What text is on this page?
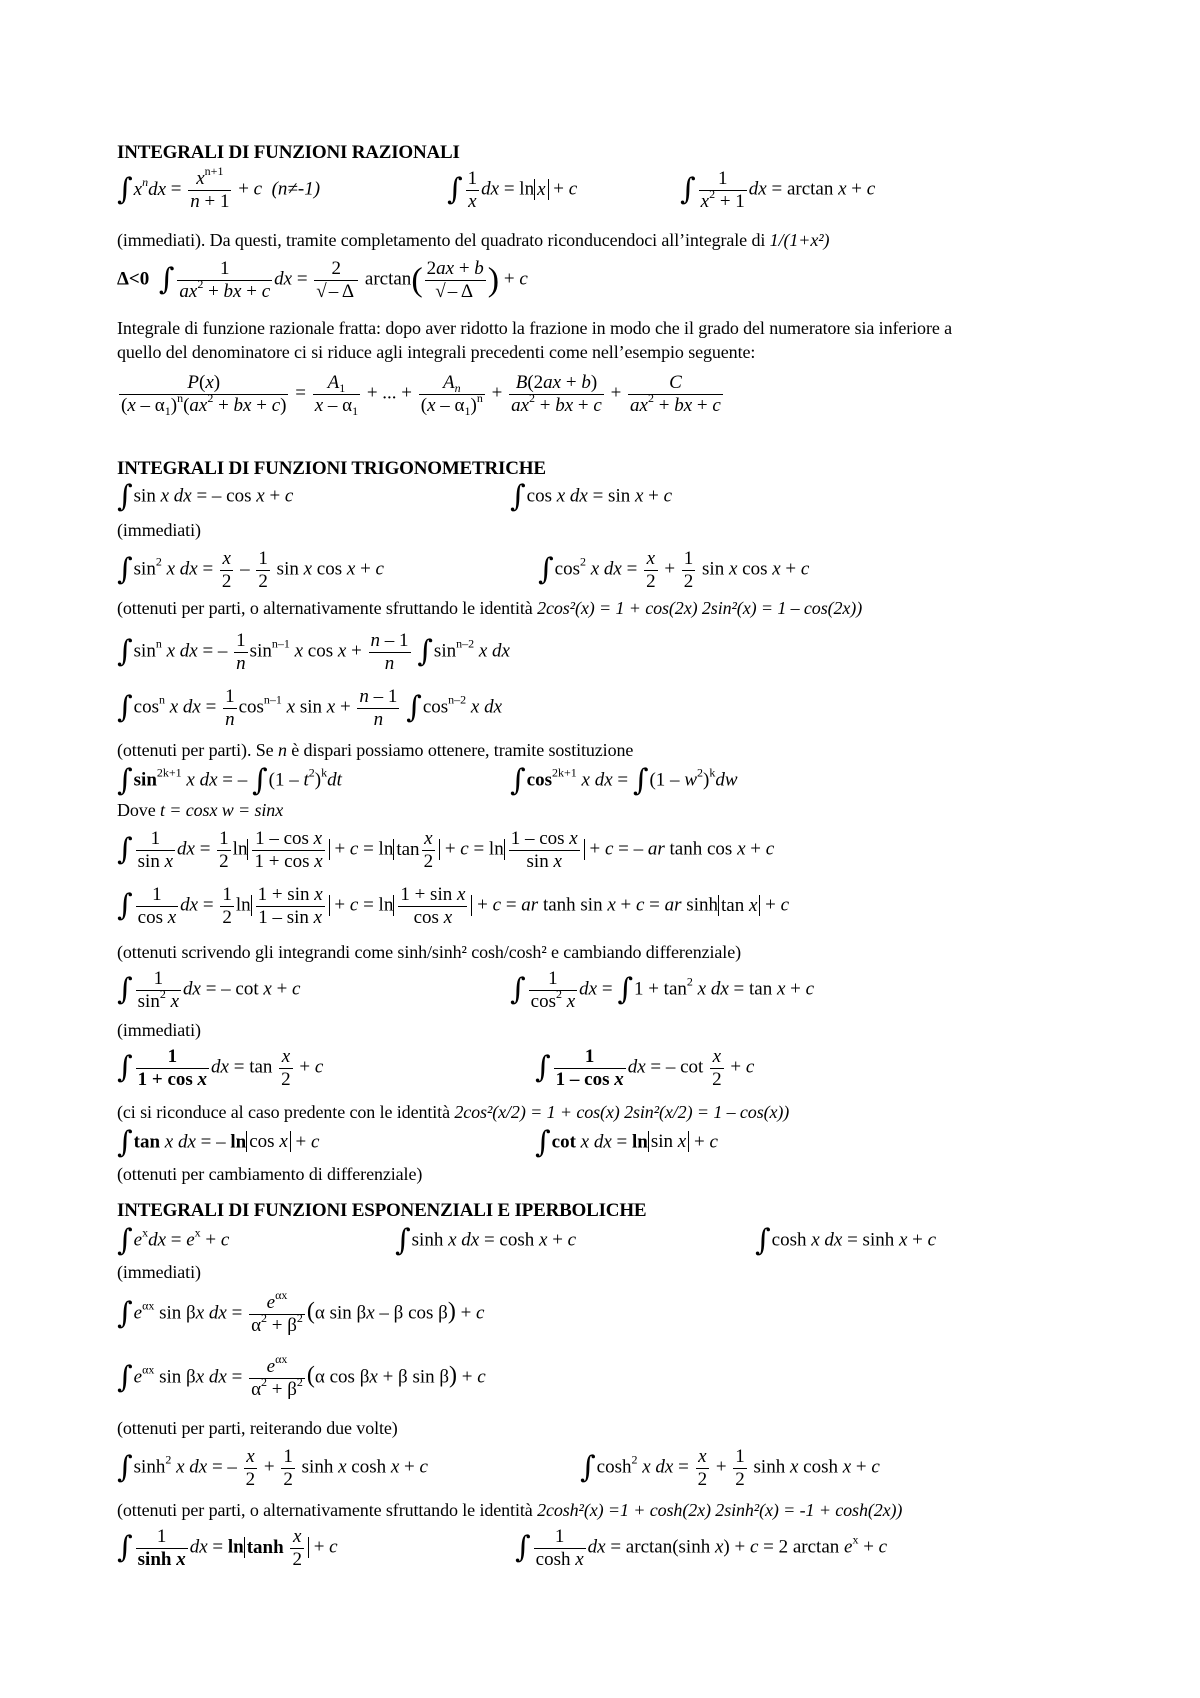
INTEGRALI DI FUNZIONI RAZIONALI
$\int x^ndx = \frac{x^{n+1}}{n + 1} + c$ (n≠-1)	∫ $\frac{1}{x}$ dx = ln x + c	∫ $\frac{1}{x^2 + 1}$ dx = arctan x + c
(immediati). Da questi, tramite completamento del quadrato riconducendoci all’integrale di 1/(1+x²)
Δ<0 ∫ $\frac{1}{ax^2 + bx + c}$ dx = $\frac{2}{√ - \Delta} \arctan( \frac{2ax + b}{√ - \Delta}$ ) + c
Integrale di funzione razionale fratta: dopo aver ridotto la frazione in modo che il grado del numeratore sia inferiore a
quello del denominatore ci si riduce agli integrali precedenti come nell’esempio seguente:
$\frac{P(x)}{(x - \alpha_1)^n(ax^2 + bx + c)} = \frac{A_1}{x - \alpha_1}$ + ... + $\frac{A_n}{(x - \alpha_1)^n} + \frac{B(2ax + b)}{ax^2 + bx + c} + \frac{C}{ax^2 + bx + c}$
INTEGRALI DI FUNZIONI TRIGONOMETRICHE
∫sin x dx = – cos x + c	∫cos x dx = sin x + c
(immediati)
$\int\sin^2$ x dx = $\frac{x}{2} - \frac{1}{2}$ sin x cos x + c	$\int\cos^2$ x dx = $\frac{x}{2} + \frac{1}{2}$ sin x cos x + c
(ottenuti per parti, o alternativamente sfruttando le identità 2cos²(x) = 1 + cos(2x) 2sin²(x) = 1 – cos(2x))
$\int\sin^n$ x dx = – $\frac{1}{n} \sin^{n-1} x$ $\cos x + \frac{n - 1}{n} \int\sin^{n-2}$ x dx
$\int\cos^n$ x dx = $\frac{1}{n} \cos^{n-1} x$ $\sin x + \frac{n - 1}{n} \int\cos^{n-2}$ x dx
(ottenuti per parti). Se n è dispari possiamo ottenere, tramite sostituzione
$\int\sin^{2k+1}$ x dx = – $\int(1 - t^2)^kdt$	$\int\cos^{2k+1}$ x dx = $\int(1 - w^2)^kdw$
Dove t = cosx w = sinx
∫ $\frac{1}{\text{sin x}}$ dx = $\frac{1}{2}$ $\ln \frac{\text{1 – cos x}}{\text{1 + cos x}} + c = \ln \tan \frac{x}{2} + c = \ln \frac{\text{1 – cos x}}{\text{sin x}} + c$ = – ar tanh cos x + c
∫ $\frac{1}{\text{cos x}}$ dx = $\frac{1}{2}$ $\ln \frac{\text{1 + sin x}}{\text{1 – sin x}} + c = \ln \frac{\text{1 + sin x}}{\text{cos x}} + c$ = ar tanh sin x + c = ar sinh tan x + c
(ottenuti scrivendo gli integrandi come sinh/sinh² cosh/cosh² e cambiando differenziale)
∫ $\frac{1}{\sin^2 x}$ dx = – cot x + c	∫ $\frac{1}{\cos^2 x}$ dx = $\int 1 + \tan^2 x$ dx = tan x + c
(immediati)
∫ $\frac{1}{\text{1 + cos x}}$ dx = $\tan \frac{x}{2} + c$	∫ $\frac{1}{\text{1 – cos x}}$ dx = – $\cot \frac{x}{2} + c$
(ci si riconduce al caso predente con le identità 2cos²(x/2) = 1 + cos(x) 2sin²(x/2) = 1 – cos(x))
∫tan x dx = – ln cos x + c	∫cot x dx = ln sin x + c
(ottenuti per cambiamento di differenziale)
INTEGRALI DI FUNZIONI ESPONENZIALI E IPERBOLICHE
$\int e^xdx = e^x + c$	∫sinh x dx = cosh x + c	∫cosh x dx = sinh x + c
(immediati)
$\int e^{\alpha x}$ sin βx dx =
$e^{\alpha x}$
$\alpha^2 + \beta^2$ (α sin βx – β cos β) + c
$\int e^{\alpha x}$ sin βx dx =
$e^{\alpha x}$
$\alpha^2 + \beta^2$ (α cos βx + β sin β) + c
(ottenuti per parti, reiterando due volte)
$\int\sinh^2$ x dx = – $\frac{x}{2} + \frac{1}{2}$ sinh x cosh x + c	$\int\cosh^2$ x dx = $\frac{x}{2} + \frac{1}{2}$ sinh x cosh x + c
(ottenuti per parti, o alternativamente sfruttando le identità 2cosh²(x) =1 + cosh(2x) 2sinh²(x) = -1 + cosh(2x))
∫ $\frac{1}{\text{sinh x}}$ dx = $\ln \tanh \frac{x}{2} + c$	∫ $\frac{1}{\text{cosh x}}$ dx = arctan(sinh x) + c = 2 $\arctan e^x + c$
